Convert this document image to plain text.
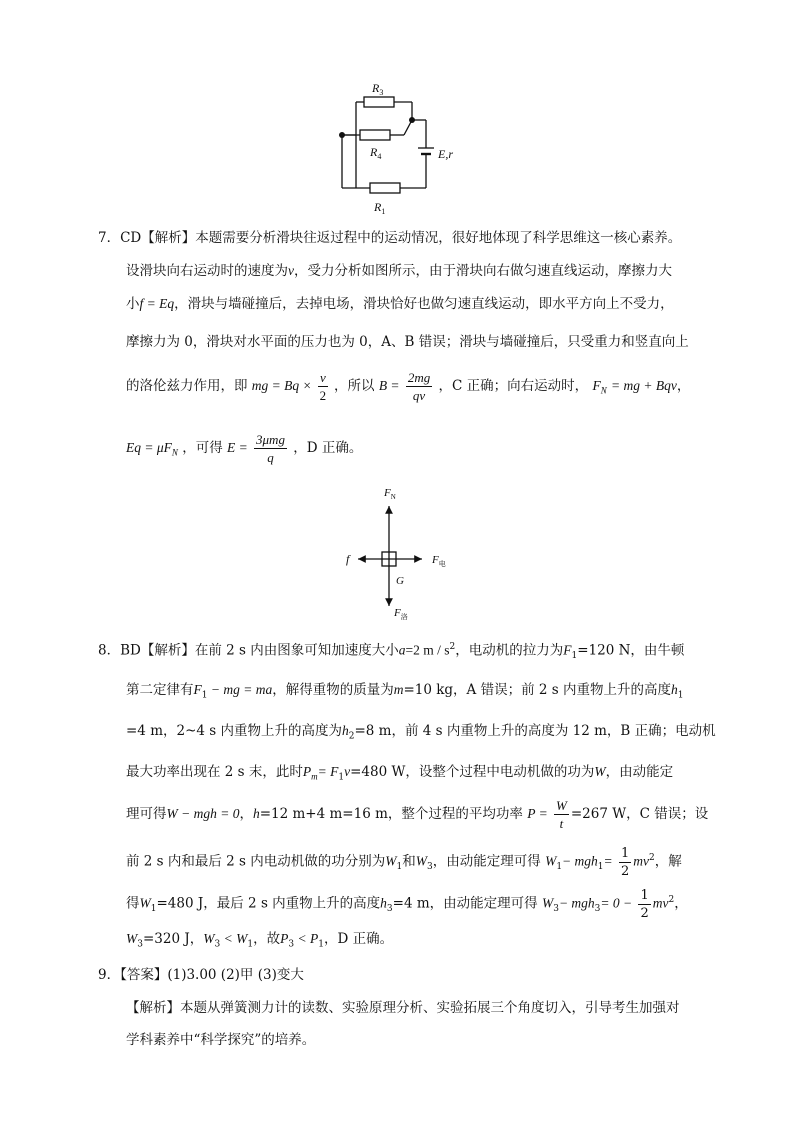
$R_3$
$R_4$
$R_1$
E,r
7．CD【解析】本题需要分析滑块往返过程中的运动情况，很好地体现了科学思维这一核心素养。
设滑块向右运动时的速度为v，受力分析如图所示，由于滑块向右做匀速直线运动，摩擦力大
小f = Eq，滑块与墙碰撞后，去掉电场，滑块恰好也做匀速直线运动，即水平方向上不受力，
摩擦力为 0，滑块对水平面的压力也为 0，A、B 错误；滑块与墙碰撞后，只受重力和竖直向上
的洛伦兹力作用，即 mg = $Bq \times \frac{v}{2}$ ，所以 $B = \frac{2mg}{qv}$ ，C 正确；向右运动时， $F_N$ = mg + Bqv，
$Eq = \mu F_N$ ，可得 $E = \frac{\text{3μmg}}{q}$ ，D 正确。
$F_N$
f	$F_电$
G
$F_洛$
8．BD【解析】在前 2 s 内由图象可知加速度大小a=2 m / $s^2$，电动机的拉力为$F_1=120$ N，由牛顿
第二定律有$F_1$ − mg = ma，解得重物的质量为m=10 kg，A 错误；前 2 s 内重物上升的高度$h_1$
=4 m，2~4 s 内重物上升的高度为$h_2=8$ m，前 4 s 内重物上升的高度为 12 m，B 正确；电动机
最大功率出现在 2 s 末，此时$P_m= F_1v=480$ W，设整个过程中电动机做的功为W，由动能定
理可得W − mgh = 0，h=12 m+4 m=16 m，整个过程的平均功率 $P = \frac{W}{t} =267$ W，C 错误；设
前 2 s 内和最后 2 s 内电动机做的功分别为$W_1$和$W_3$，由动能定理可得 $W_1- mgh_1= \frac{1}{2} mv^2$，解
得$W_1=480$ J，最后 2 s 内重物上升的高度$h_3=4$ m，由动能定理可得 $W_3- mgh_3= 0 - \frac{1}{2} mv^2$，
$W_3=320$ J，$W_3 < W_1$，故$P_3 < P_1$，D 正确。
9．【答案】(1)3.00 (2)甲 (3)变大
【解析】本题从弹簧测力计的读数、实验原理分析、实验拓展三个角度切入，引导考生加强对
学科素养中“科学探究”的培养。
